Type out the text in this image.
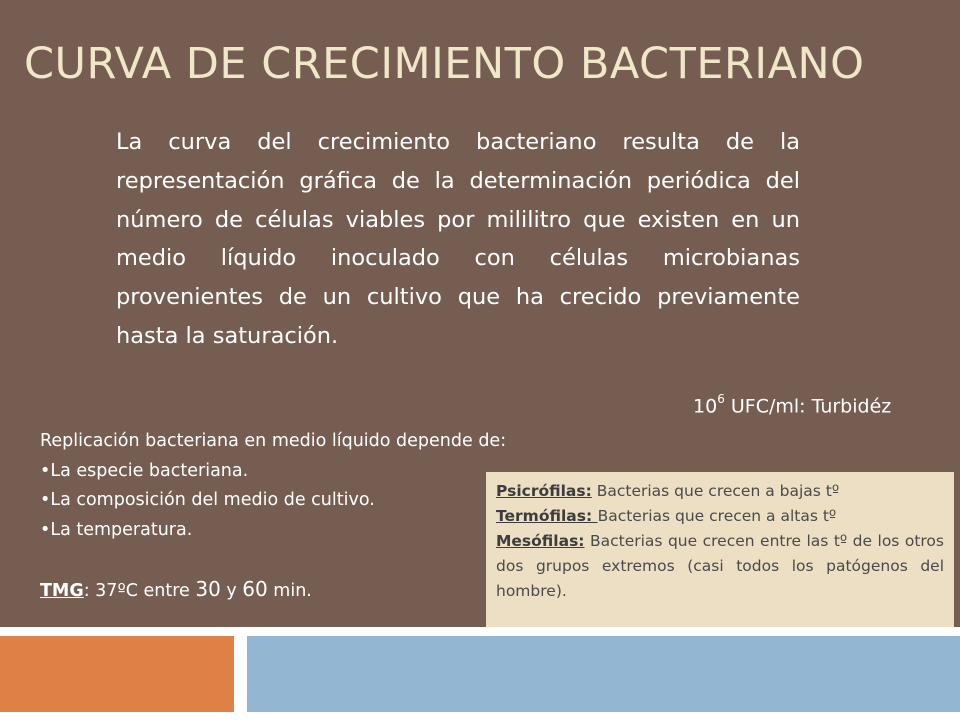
CURVA DE CRECIMIENTO BACTERIANO

La curva del crecimiento bacteriano resulta de la representación gráfica de la determinación periódica del número de células viables por mililitro que existen en un medio líquido inoculado con células microbianas provenientes de un cultivo que ha crecido previamente hasta la saturación.

$10^6$ UFC/ml: Turbidéz
Replicación bacteriana en medio líquido depende de:
•La especie bacteriana.
•La composición del medio de cultivo.
•La temperatura.
TMG: 37ºC entre 30 y 60 min.

Psicrófilas: Bacterias que crecen a bajas tº

Termófilas: Bacterias que crecen a altas tº

Mesófilas: Bacterias que crecen entre las tº de los otros dos grupos extremos (casi todos los patógenos del hombre).
